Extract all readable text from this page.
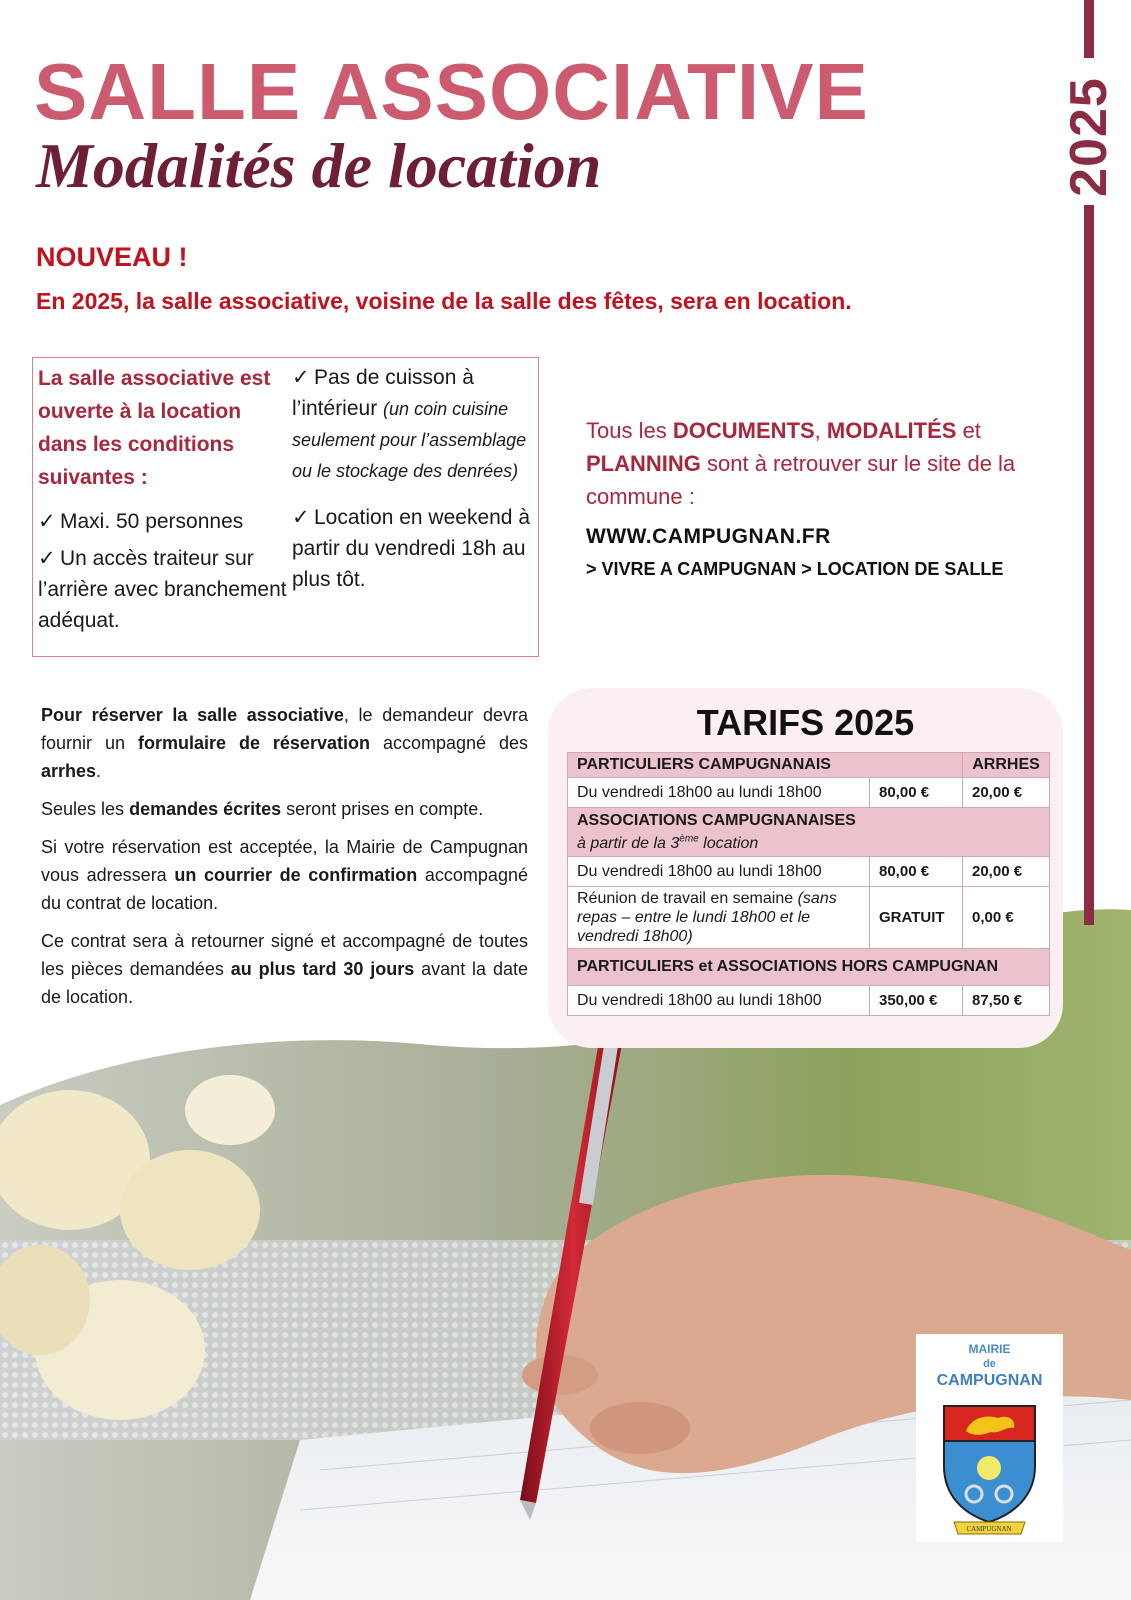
2025
SALLE ASSOCIATIVE
Modalités de location
NOUVEAU !
En 2025, la salle associative, voisine de la salle des fêtes, sera en location.

La salle associative est ouverte à la location dans les conditions suivantes :

✓ Maxi. 50 personnes

✓ Un accès traiteur sur l’arrière avec branchement adéquat.

✓ Pas de cuisson à l’intérieur (un coin cuisine seulement pour l’assemblage ou le stockage des denrées)

✓ Location en weekend à partir du vendredi 18h au plus tôt.

Tous les DOCUMENTS, MODALITÉS et PLANNING sont à retrouver sur le site de la commune :
WWW.CAMPUGNAN.FR
> VIVRE A CAMPUGNAN > LOCATION DE SALLE

Pour réserver la salle associative, le demandeur devra fournir un formulaire de réservation accompagné des arrhes.

Seules les demandes écrites seront prises en compte.

Si votre réservation est acceptée, la Mairie de Campugnan vous adressera un courrier de confirmation accompagné du contrat de location.

Ce contrat sera à retourner signé et accompagné de toutes les pièces demandées au plus tard 30 jours avant la date de location.

TARIFS 2025
PARTICULIERS CAMPUGNANAIS		ARRHES
Du vendredi 18h00 au lundi 18h00	80,00 €	20,00 €
ASSOCIATIONS CAMPUGNANAISES
à partir de la 3ème location		
Du vendredi 18h00 au lundi 18h00	80,00 €	20,00 €
Réunion de travail en semaine (sans repas – entre le lundi 18h00 et le vendredi 18h00)	GRATUIT	0,00 €
PARTICULIERS et ASSOCIATIONS HORS CAMPUGNAN		
Du vendredi 18h00 au lundi 18h00	350,00 €	87,50 €
MAIRIE
de
CAMPUGNAN
CAMPUGNAN
